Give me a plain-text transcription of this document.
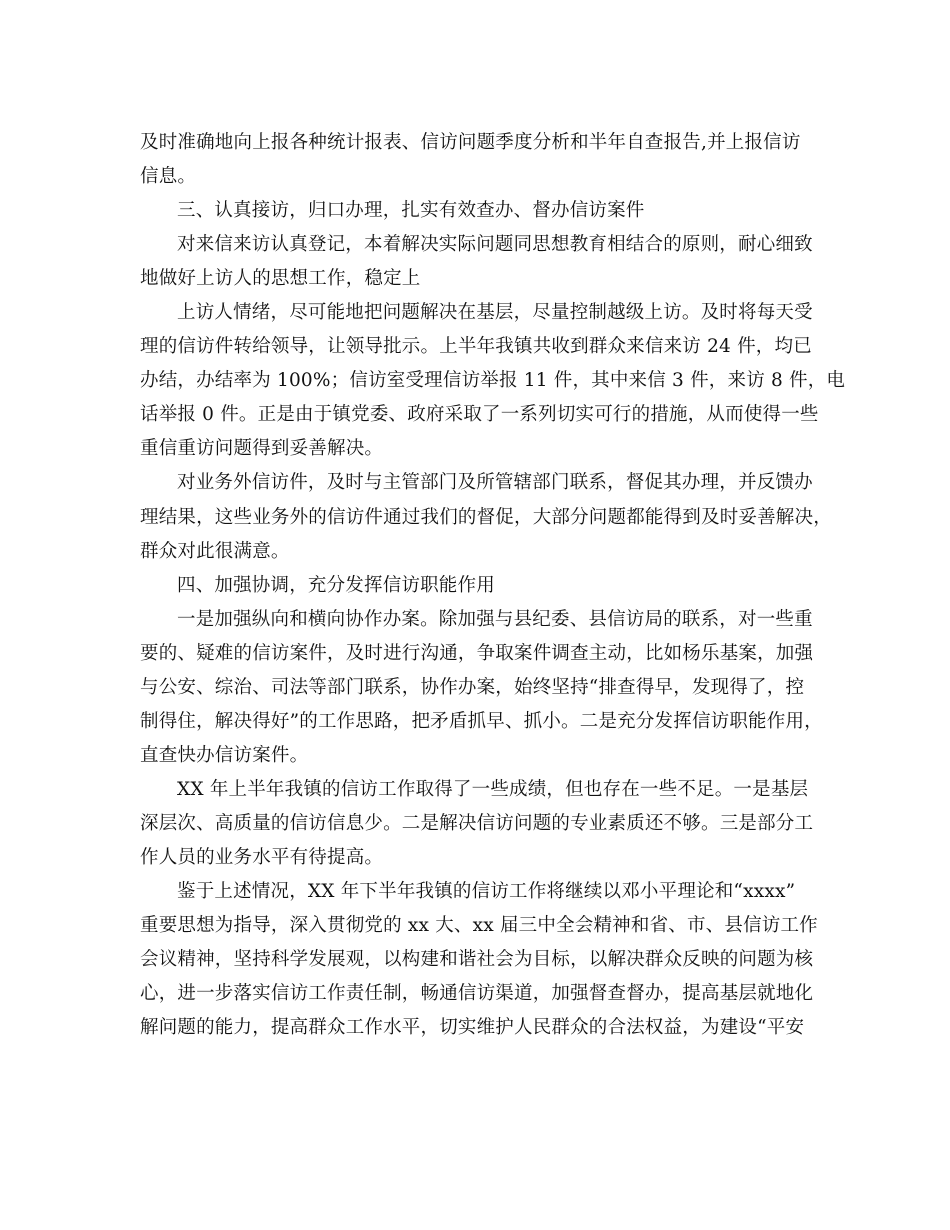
及时准确地向上报各种统计报表、信访问题季度分析和半年自查报告,并上报信访
信息。
三、认真接访，归口办理，扎实有效查办、督办信访案件
对来信来访认真登记，本着解决实际问题同思想教育相结合的原则，耐心细致
地做好上访人的思想工作，稳定上
上访人情绪，尽可能地把问题解决在基层，尽量控制越级上访。及时将每天受
理的信访件转给领导，让领导批示。上半年我镇共收到群众来信来访 24 件，均已
办结，办结率为 100%；信访室受理信访举报 11 件，其中来信 3 件，来访 8 件，电
话举报 0 件。正是由于镇党委、政府采取了一系列切实可行的措施，从而使得一些
重信重访问题得到妥善解决。
对业务外信访件，及时与主管部门及所管辖部门联系，督促其办理，并反馈办
理结果，这些业务外的信访件通过我们的督促，大部分问题都能得到及时妥善解决，
群众对此很满意。
四、加强协调，充分发挥信访职能作用
一是加强纵向和横向协作办案。除加强与县纪委、县信访局的联系，对一些重
要的、疑难的信访案件，及时进行沟通，争取案件调查主动，比如杨乐基案，加强
与公安、综治、司法等部门联系，协作办案，始终坚持“排查得早，发现得了，控
制得住，解决得好”的工作思路，把矛盾抓早、抓小。二是充分发挥信访职能作用，
直查快办信访案件。
XX 年上半年我镇的信访工作取得了一些成绩，但也存在一些不足。一是基层
深层次、高质量的信访信息少。二是解决信访问题的专业素质还不够。三是部分工
作人员的业务水平有待提高。
鉴于上述情况，XX 年下半年我镇的信访工作将继续以邓小平理论和“xxxx”
重要思想为指导，深入贯彻党的 xx 大、xx 届三中全会精神和省、市、县信访工作
会议精神，坚持科学发展观，以构建和谐社会为目标，以解决群众反映的问题为核
心，进一步落实信访工作责任制，畅通信访渠道，加强督查督办，提高基层就地化
解问题的能力，提高群众工作水平，切实维护人民群众的合法权益，为建设“平安
